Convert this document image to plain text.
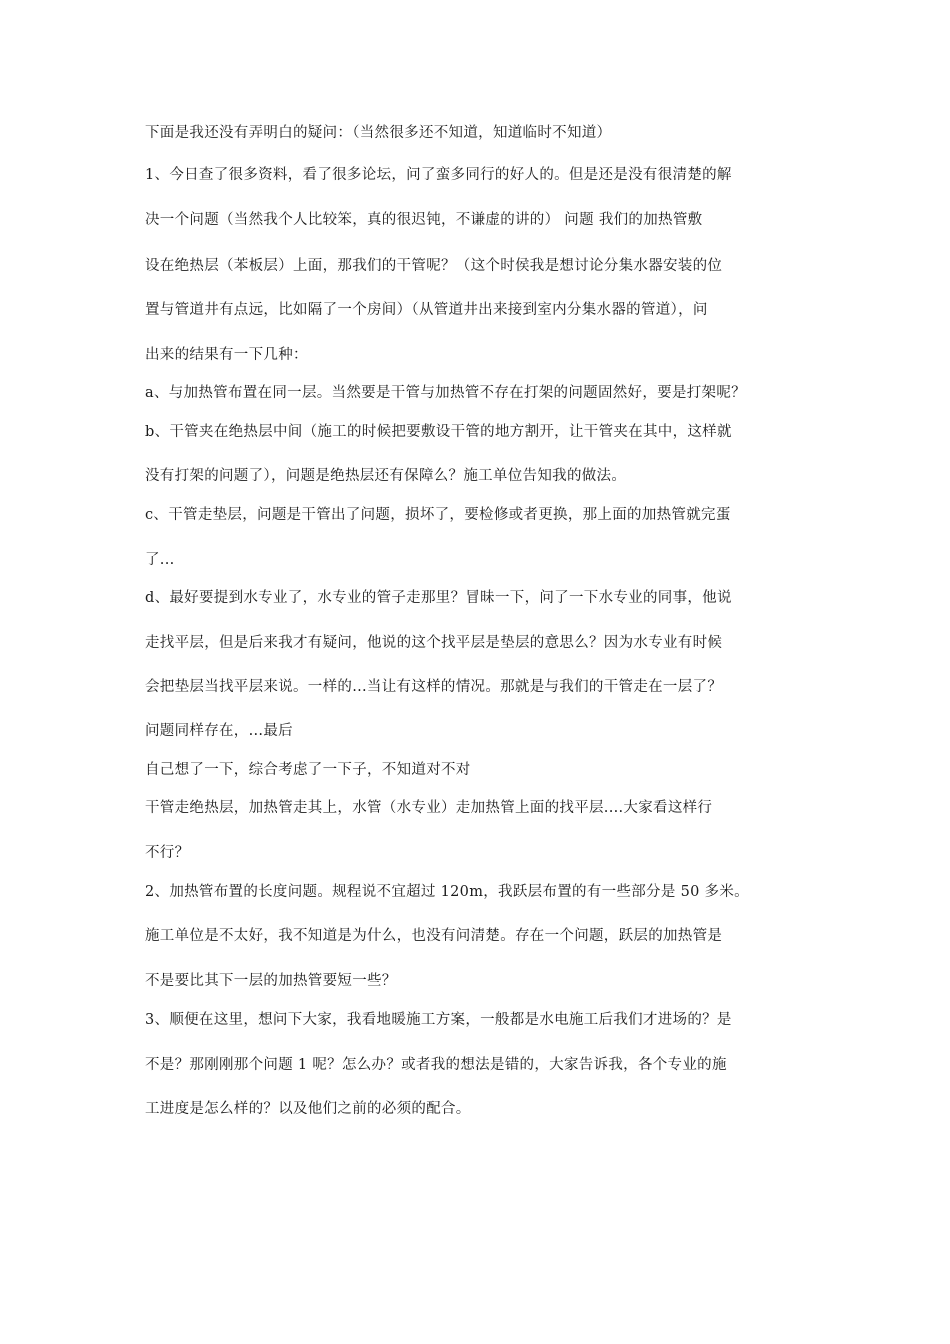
下面是我还没有弄明白的疑问：（当然很多还不知道，知道临时不知道）

1、今日查了很多资料，看了很多论坛，问了蛮多同行的好人的。但是还是没有很清楚的解

决一个问题（当然我个人比较笨，真的很迟钝，不谦虚的讲的） 问题 我们的加热管敷

设在绝热层（苯板层）上面，那我们的干管呢？（这个时侯我是想讨论分集水器安装的位

置与管道井有点远，比如隔了一个房间）（从管道井出来接到室内分集水器的管道），问

出来的结果有一下几种：

a、与加热管布置在同一层。当然要是干管与加热管不存在打架的问题固然好，要是打架呢？

b、干管夹在绝热层中间（施工的时候把要敷设干管的地方割开，让干管夹在其中，这样就

没有打架的问题了），问题是绝热层还有保障么？施工单位告知我的做法。

c、干管走垫层，问题是干管出了问题，损坏了，要检修或者更换，那上面的加热管就完蛋

了...

d、最好要提到水专业了，水专业的管子走那里？冒昧一下，问了一下水专业的同事，他说

走找平层，但是后来我才有疑问，他说的这个找平层是垫层的意思么？因为水专业有时候

会把垫层当找平层来说。一样的...当让有这样的情况。那就是与我们的干管走在一层了？

问题同样存在，...最后

自己想了一下，综合考虑了一下子，不知道对不对

干管走绝热层，加热管走其上，水管（水专业）走加热管上面的找平层....大家看这样行

不行？

2、加热管布置的长度问题。规程说不宜超过 120m，我跃层布置的有一些部分是 50 多米。

施工单位是不太好，我不知道是为什么，也没有问清楚。存在一个问题，跃层的加热管是

不是要比其下一层的加热管要短一些？

3、顺便在这里，想问下大家，我看地暖施工方案，一般都是水电施工后我们才进场的？是

不是？那刚刚那个问题 1 呢？怎么办？或者我的想法是错的，大家告诉我，各个专业的施

工进度是怎么样的？以及他们之前的必须的配合。
